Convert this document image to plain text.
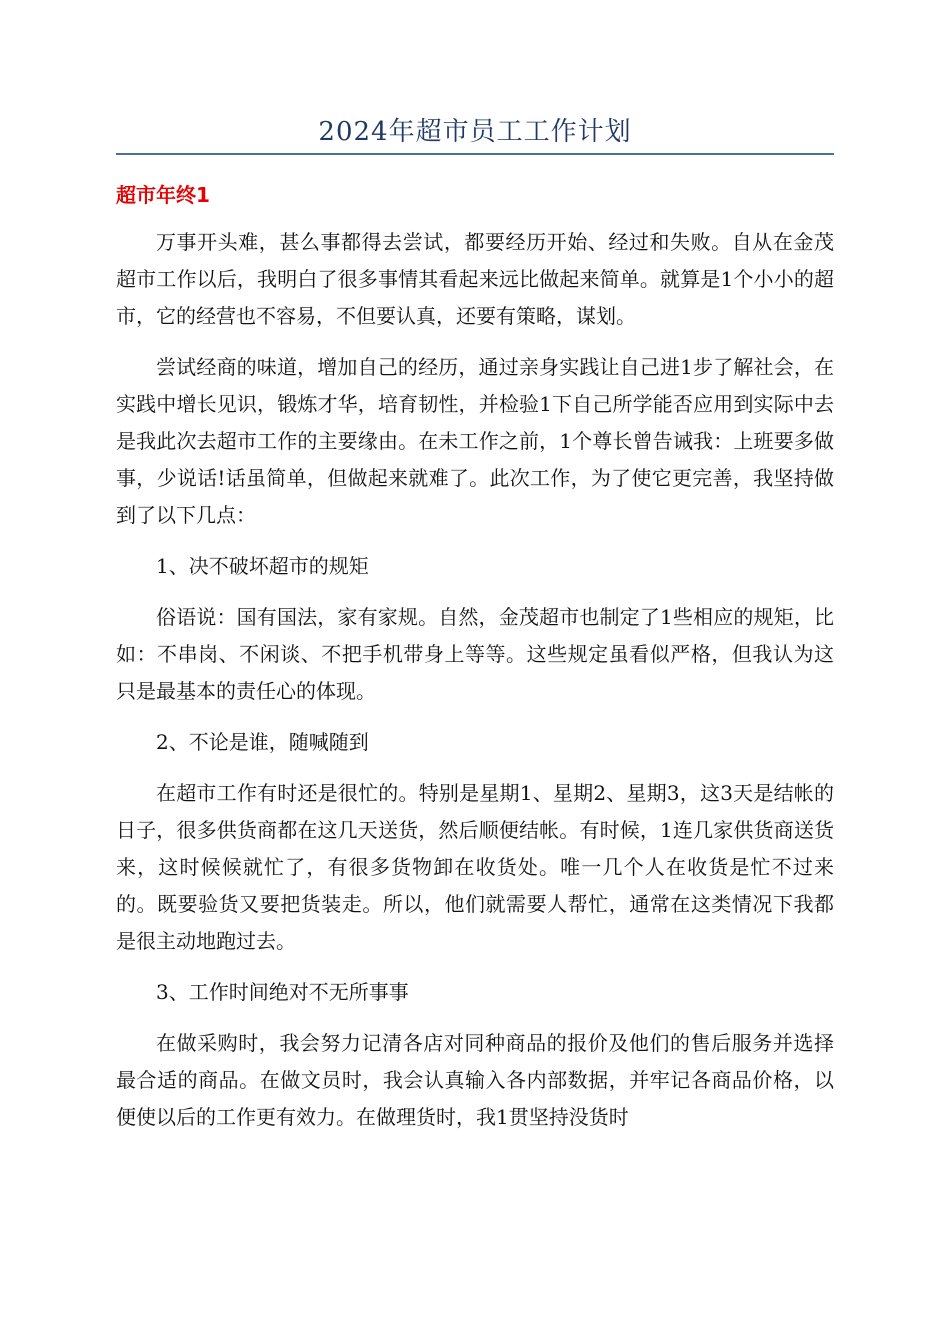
2024年超市员工工作计划
超市年终1

万事开头难，甚么事都得去尝试，都要经历开始、经过和失败。自从在金茂超市工作以后，我明白了很多事情其看起来远比做起来简单。就算是1个小小的超市，它的经营也不容易，不但要认真，还要有策略，谋划。

尝试经商的味道，增加自己的经历，通过亲身实践让自己进1步了解社会，在实践中增长见识，锻炼才华，培育韧性，并检验1下自己所学能否应用到实际中去是我此次去超市工作的主要缘由。在未工作之前，1个尊长曾告诫我：上班要多做事，少说话!话虽简单，但做起来就难了。此次工作，为了使它更完善，我坚持做到了以下几点：

1、决不破坏超市的规矩

俗语说：国有国法，家有家规。自然，金茂超市也制定了1些相应的规矩，比如：不串岗、不闲谈、不把手机带身上等等。这些规定虽看似严格，但我认为这只是最基本的责任心的体现。

2、不论是谁，随喊随到

在超市工作有时还是很忙的。特别是星期1、星期2、星期3，这3天是结帐的日子，很多供货商都在这几天送货，然后顺便结帐。有时候，1连几家供货商送货来，这时候候就忙了，有很多货物卸在收货处。唯一几个人在收货是忙不过来的。既要验货又要把货装走。所以，他们就需要人帮忙，通常在这类情况下我都是很主动地跑过去。

3、工作时间绝对不无所事事

在做采购时，我会努力记清各店对同种商品的报价及他们的售后服务并选择最合适的商品。在做文员时，我会认真输入各内部数据，并牢记各商品价格，以便使以后的工作更有效力。在做理货时，我1贯坚持没货时
